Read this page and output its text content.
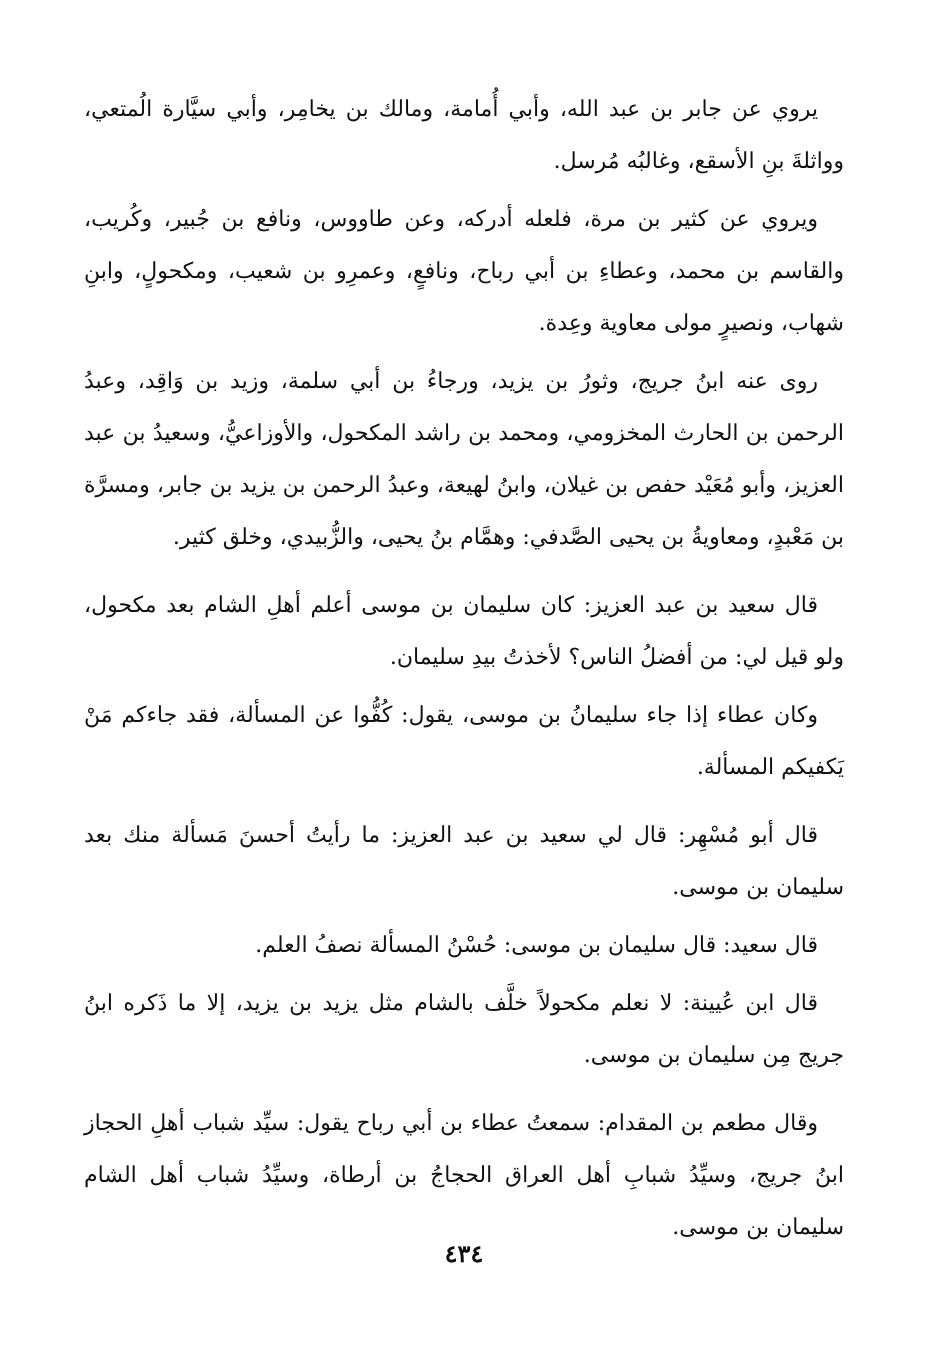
يروي عن جابر بن عبد الله، وأبي أُمامة، ومالك بن يخامِر، وأبي سيَّارة الُمتعي، وواثلةَ بنِ الأسقع، وغالبُه مُرسل.

ويروي عن كثير بن مرة، فلعله أدركه، وعن طاووس، ونافع بن جُبير، وكُريب، والقاسم بن محمد، وعطاءِ بن أبي رباح، ونافعٍ، وعمرِو بن شعيب، ومكحولٍ، وابنِ شهاب، ونصيرٍ مولى معاوية وعِدة.

روى عنه ابنُ جريج، وثورُ بن يزيد، ورجاءُ بن أبي سلمة، وزيد بن وَاقِد، وعبدُ الرحمن بن الحارث المخزومي، ومحمد بن راشد المكحول، والأوزاعيُّ، وسعيدُ بن عبد العزيز، وأبو مُعَيْد حفص بن غيلان، وابنُ لهيعة، وعبدُ الرحمن بن يزيد بن جابر، ومسرَّة بن مَعْبدٍ، ومعاويةُ بن يحيى الصَّدفي: وهمَّام بنُ يحيى، والزُّبيدي، وخلق كثير.

قال سعيد بن عبد العزيز: كان سليمان بن موسى أعلم أهلِ الشام بعد مكحول، ولو قيل لي: من أفضلُ الناس؟ لأخذتُ بيدِ سليمان.

وكان عطاء إذا جاء سليمانُ بن موسى، يقول: كُفُّوا عن المسألة، فقد جاءكم مَنْ يَكفيكم المسألة.

قال أبو مُسْهِر: قال لي سعيد بن عبد العزيز: ما رأيتُ أحسنَ مَسألة منك بعد سليمان بن موسى.

قال سعيد: قال سليمان بن موسى: حُسْنُ المسألة نصفُ العلم.

قال ابن عُيينة: لا نعلم مكحولاً خلَّف بالشام مثل يزيد بن يزيد، إلا ما ذَكره ابنُ جريج مِن سليمان بن موسى.

وقال مطعم بن المقدام: سمعتُ عطاء بن أبي رباح يقول: سيِّد شباب أهلِ الحجاز ابنُ جريج، وسيِّدُ شبابِ أهل العراق الحجاجُ بن أرطاة، وسيِّدُ شباب أهل الشام سليمان بن موسى.

٤٣٤
